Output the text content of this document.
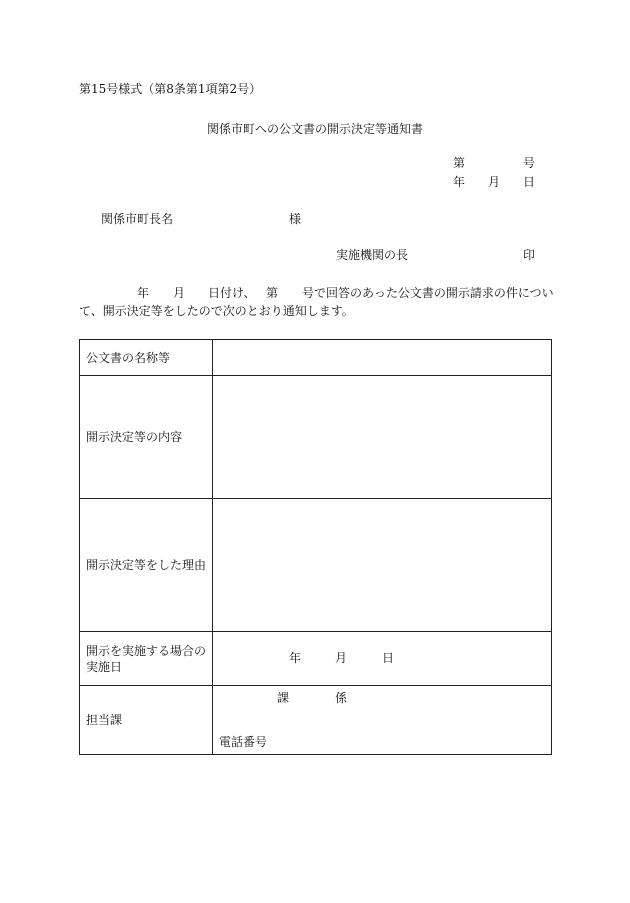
第15号様式（第8条第1項第2号）
関係市町への公文書の開示決定等通知書
第	号
年 月 日
関係市町長名	様
実施機関の長	印
年 月 日付け、 第 号で回答のあった公文書の開示請求の件につい
て、開示決定等をしたので次のとおり通知します。
公文書の名称等	
開示決定等の内容	
開示決定等をした理由	
開示を実施する場合の実施日	年 月 日

担当課	課 係
電話番号
